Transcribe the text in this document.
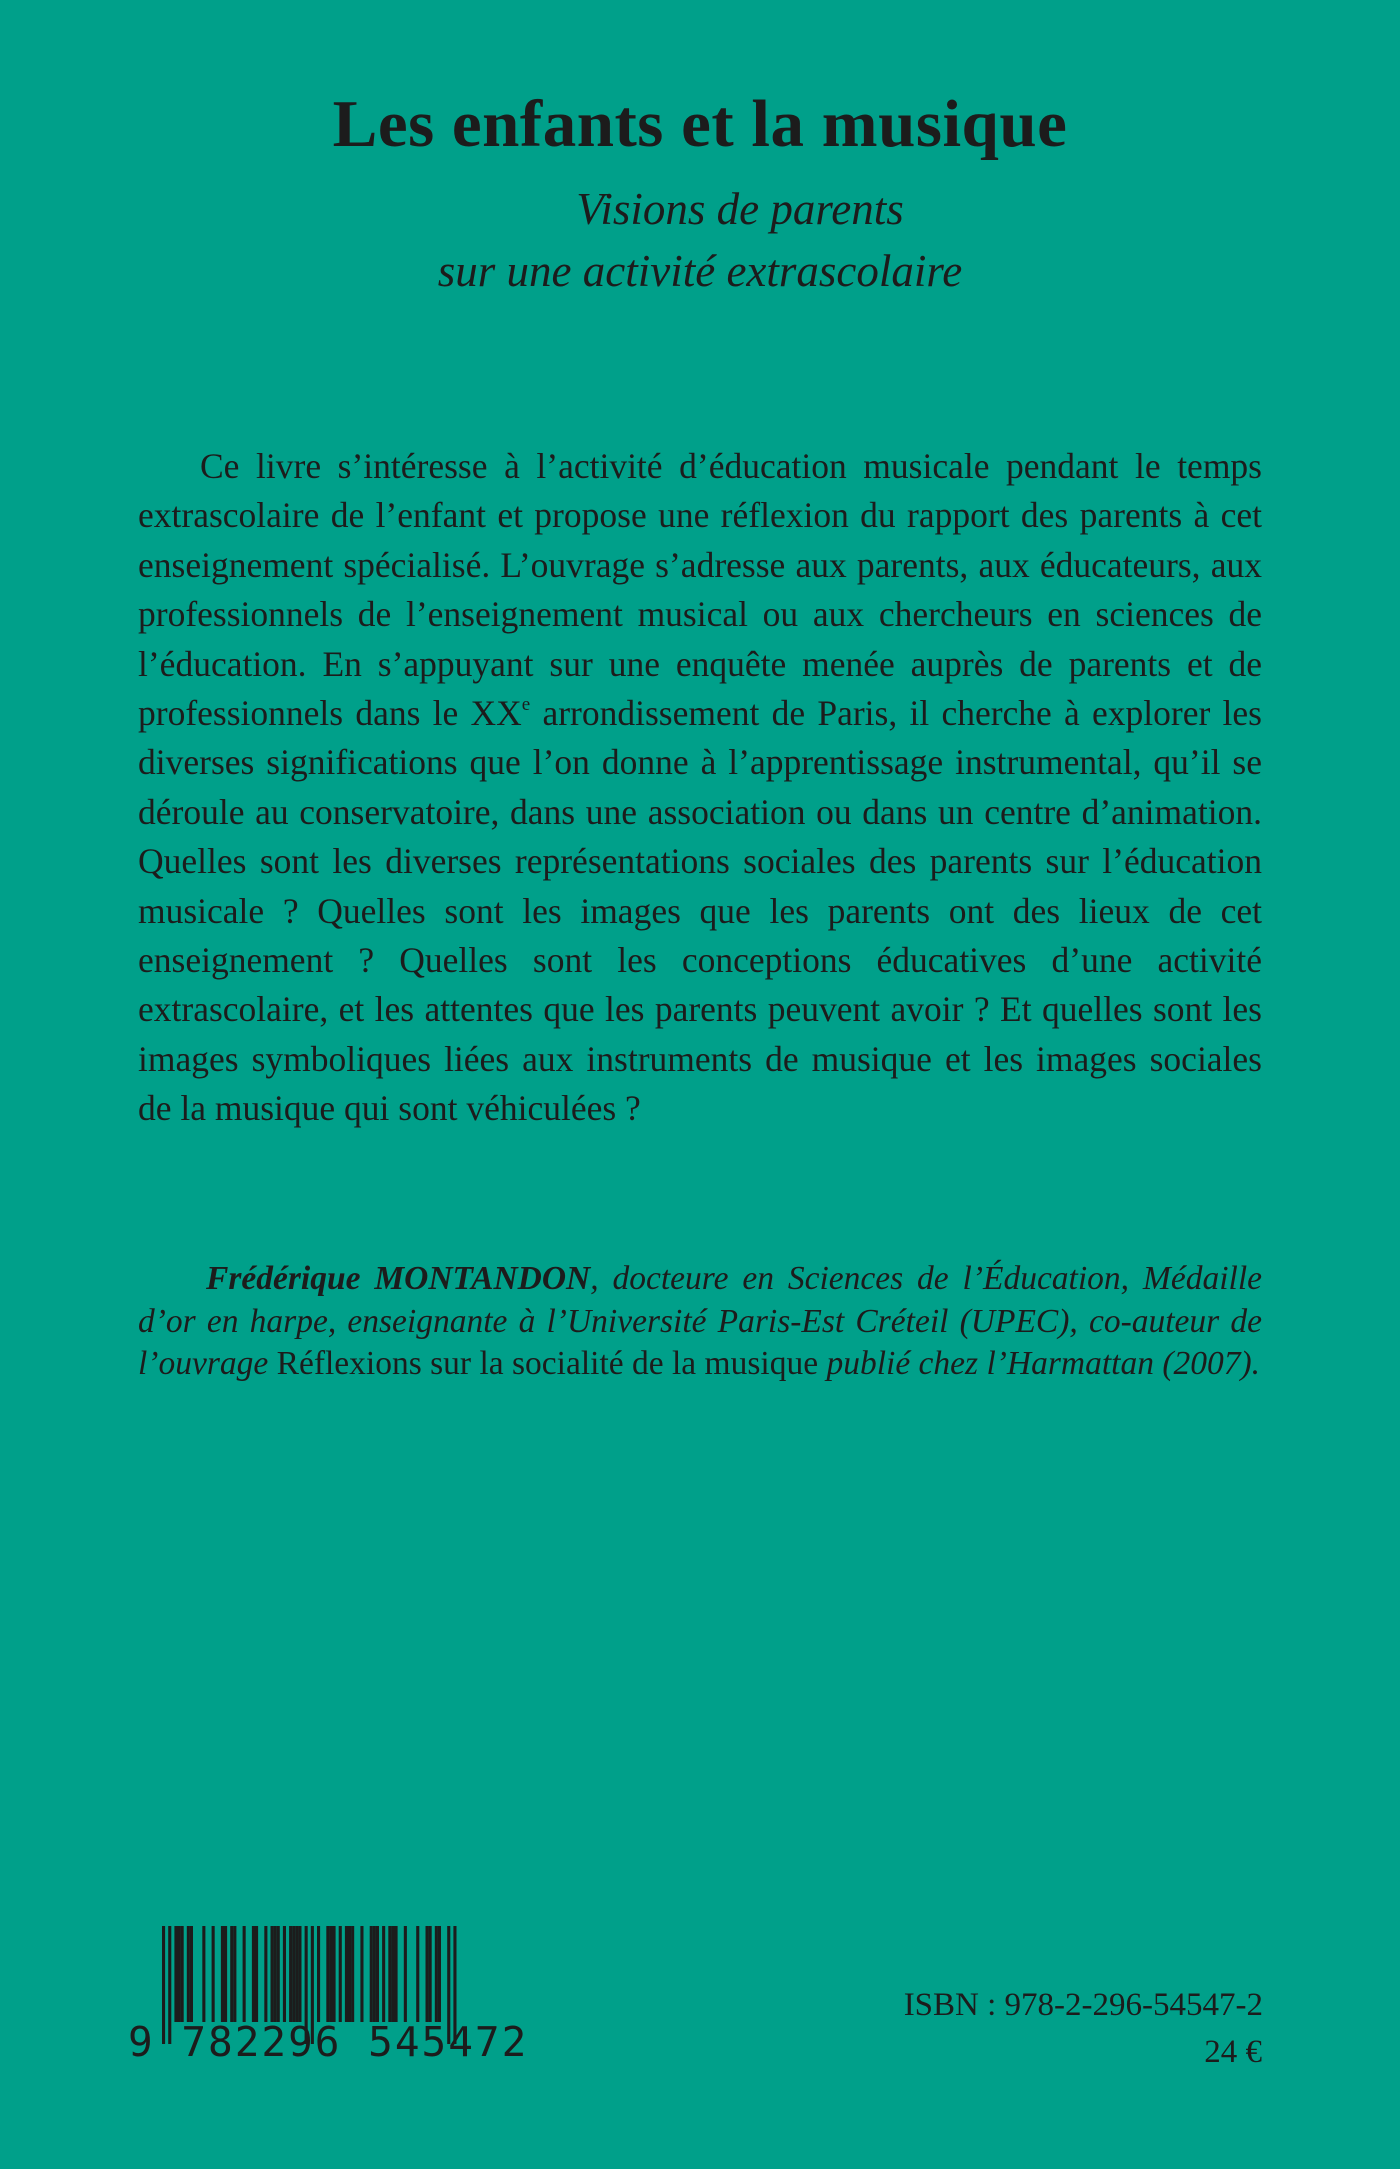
Les enfants et la musique
Visions de parents
sur une activité extrascolaire

Ce livre s’intéresse à l’activité d’éducation musicale pendant le temps extrascolaire de l’enfant et propose une réflexion du rapport des parents à cet enseignement spécialisé. L’ouvrage s’adresse aux parents, aux éducateurs, aux professionnels de l’enseignement musical ou aux chercheurs en sciences de l’éducation. En s’appuyant sur une enquête menée auprès de parents et de professionnels dans le XXe arrondissement de Paris, il cherche à explorer les diverses significations que l’on donne à l’apprentissage instrumental, qu’il se déroule au conservatoire, dans une association ou dans un centre d’animation. Quelles sont les diverses représentations sociales des parents sur l’éducation musicale ? Quelles sont les images que les parents ont des lieux de cet enseignement ? Quelles sont les conceptions éducatives d’une activité extrascolaire, et les attentes que les parents peuvent avoir ? Et quelles sont les images symboliques liées aux instruments de musique et les images sociales de la musique qui sont véhiculées ?

Frédérique MONTANDON, docteure en Sciences de l’Éducation, Médaille d’or en harpe, enseignante à l’Université Paris-Est Créteil (UPEC), co-auteur de l’ouvrage Réflexions sur la socialité de la musique publié chez l’Harmattan (2007).

9 782296 545472
ISBN : 978-2-296-54547-2
24 €
